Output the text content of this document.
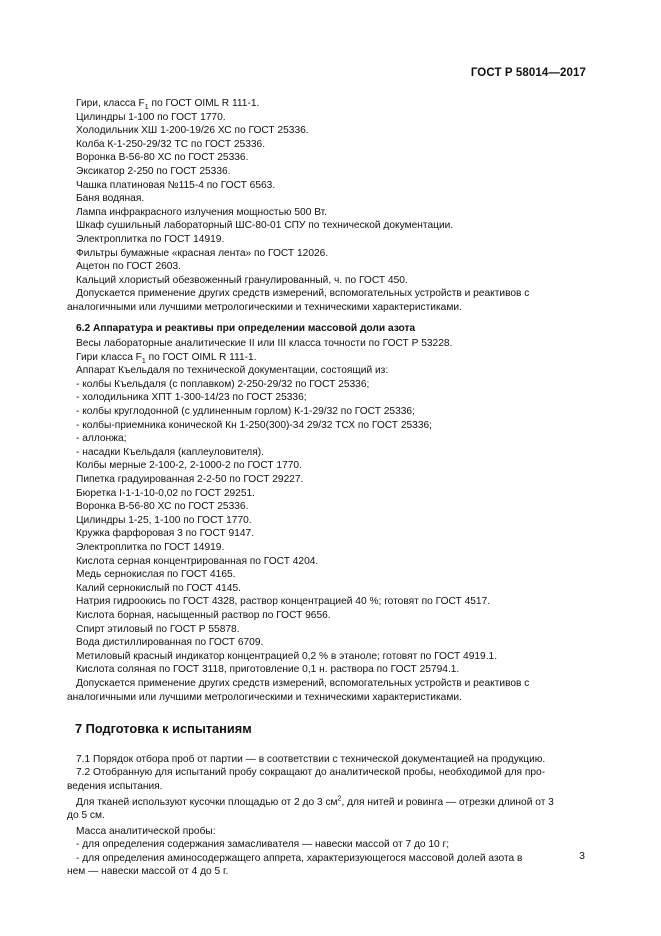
ГОСТ Р 58014—2017
Гири, класса $F_1$ по ГОСТ OIML R 111-1.
Цилиндры 1-100 по ГОСТ 1770.
Холодильник ХШ 1-200-19/26 ХС по ГОСТ 25336.
Колба К-1-250-29/32 ТС по ГОСТ 25336.
Воронка В-56-80 ХС по ГОСТ 25336.
Эксикатор 2-250 по ГОСТ 25336.
Чашка платиновая №115-4 по ГОСТ 6563.
Баня водяная.
Лампа инфракрасного излучения мощностью 500 Вт.
Шкаф сушильный лабораторный ШС-80-01 СПУ по технической документации.
Электроплитка по ГОСТ 14919.
Фильтры бумажные «красная лента» по ГОСТ 12026.
Ацетон по ГОСТ 2603.
Кальций хлористый обезвоженный гранулированный, ч. по ГОСТ 450.
Допускается применение других средств измерений, вспомогательных устройств и реактивов с
аналогичными или лучшими метрологическими и техническими характеристиками.
6.2 Аппаратура и реактивы при определении массовой доли азота
Весы лабораторные аналитические II или III класса точности по ГОСТ Р 53228.
Гири класса $F_1$ по ГОСТ OIML R 111-1.
Аппарат Къельдаля по технической документации, состоящий из:
- колбы Къельдаля (с поплавком) 2-250-29/32 по ГОСТ 25336;
- холодильника ХПТ 1-300-14/23 по ГОСТ 25336;
- колбы круглодонной (с удлиненным горлом) К-1-29/32 по ГОСТ 25336;
- колбы-приемника конической Кн 1-250(300)-34 29/32 ТСХ по ГОСТ 25336;
- аллонжа;
- насадки Къельдаля (каплеуловителя).
Колбы мерные 2-100-2, 2-1000-2 по ГОСТ 1770.
Пипетка градуированная 2-2-50 по ГОСТ 29227.
Бюретка I-1-1-10-0,02 по ГОСТ 29251.
Воронка В-56-80 ХС по ГОСТ 25336.
Цилиндры 1-25, 1-100 по ГОСТ 1770.
Кружка фарфоровая 3 по ГОСТ 9147.
Электроплитка по ГОСТ 14919.
Кислота серная концентрированная по ГОСТ 4204.
Медь сернокислая по ГОСТ 4165.
Калий сернокислый по ГОСТ 4145.
Натрия гидроокись по ГОСТ 4328, раствор концентрацией 40 %; готовят по ГОСТ 4517.
Кислота борная, насыщенный раствор по ГОСТ 9656.
Спирт этиловый по ГОСТ Р 55878.
Вода дистиллированная по ГОСТ 6709.
Метиловый красный индикатор концентрацией 0,2 % в этаноле; готовят по ГОСТ 4919.1.
Кислота соляная по ГОСТ 3118, приготовление 0,1 н. раствора по ГОСТ 25794.1.
Допускается применение других средств измерений, вспомогательных устройств и реактивов с
аналогичными или лучшими метрологическими и техническими характеристиками.
7 Подготовка к испытаниям
7.1 Порядок отбора проб от партии — в соответствии с технической документацией на продукцию.
7.2 Отобранную для испытаний пробу сокращают до аналитической пробы, необходимой для про-
ведения испытания.
Для тканей используют кусочки площадью от 2 до 3 $см^2$, для нитей и ровинга — отрезки длиной от 3
до 5 см.
Масса аналитической пробы:
- для определения содержания замасливателя — навески массой от 7 до 10 г;
- для определения аминосодержащего аппрета, характеризующегося массовой долей азота в
нем — навески массой от 4 до 5 г.
3
